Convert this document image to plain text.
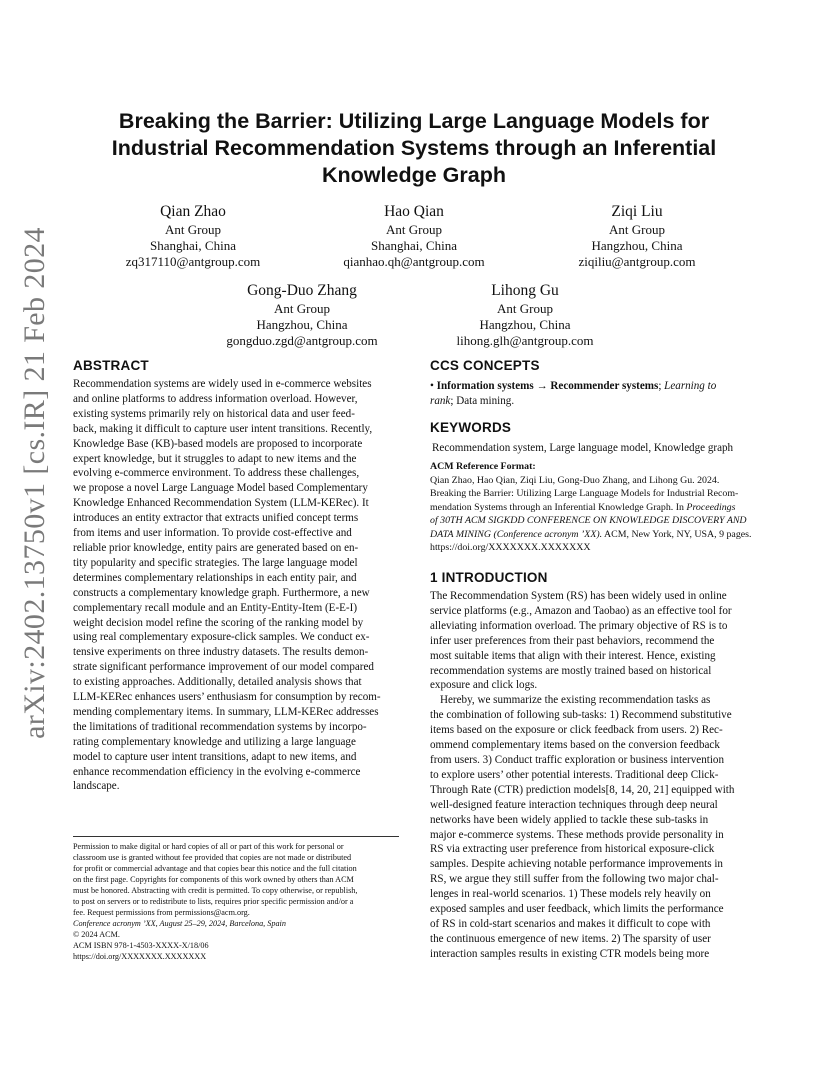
arXiv:2402.13750v1 [cs.IR] 21 Feb 2024
Breaking the Barrier: Utilizing Large Language Models for
Industrial Recommendation Systems through an Inferential
Knowledge Graph
Qian Zhao
Ant Group
Shanghai, China
zq317110@antgroup.com
Hao Qian
Ant Group
Shanghai, China
qianhao.qh@antgroup.com
Ziqi Liu
Ant Group
Hangzhou, China
ziqiliu@antgroup.com
Gong-Duo Zhang
Ant Group
Hangzhou, China
gongduo.zgd@antgroup.com
Lihong Gu
Ant Group
Hangzhou, China
lihong.glh@antgroup.com
ABSTRACT
Recommendation systems are widely used in e-commerce websites
and online platforms to address information overload. However,
existing systems primarily rely on historical data and user feed-
back, making it difficult to capture user intent transitions. Recently,
Knowledge Base (KB)-based models are proposed to incorporate
expert knowledge, but it struggles to adapt to new items and the
evolving e-commerce environment. To address these challenges,
we propose a novel Large Language Model based Complementary
Knowledge Enhanced Recommendation System (LLM-KERec). It
introduces an entity extractor that extracts unified concept terms
from items and user information. To provide cost-effective and
reliable prior knowledge, entity pairs are generated based on en-
tity popularity and specific strategies. The large language model
determines complementary relationships in each entity pair, and
constructs a complementary knowledge graph. Furthermore, a new
complementary recall module and an Entity-Entity-Item (E-E-I)
weight decision model refine the scoring of the ranking model by
using real complementary exposure-click samples. We conduct ex-
tensive experiments on three industry datasets. The results demon-
strate significant performance improvement of our model compared
to existing approaches. Additionally, detailed analysis shows that
LLM-KERec enhances users’ enthusiasm for consumption by recom-
mending complementary items. In summary, LLM-KERec addresses
the limitations of traditional recommendation systems by incorpo-
rating complementary knowledge and utilizing a large language
model to capture user intent transitions, adapt to new items, and
enhance recommendation efficiency in the evolving e-commerce
landscape.
Permission to make digital or hard copies of all or part of this work for personal or
classroom use is granted without fee provided that copies are not made or distributed
for profit or commercial advantage and that copies bear this notice and the full citation
on the first page. Copyrights for components of this work owned by others than ACM
must be honored. Abstracting with credit is permitted. To copy otherwise, or republish,
to post on servers or to redistribute to lists, requires prior specific permission and/or a
fee. Request permissions from permissions@acm.org.
Conference acronym ’XX, August 25–29, 2024, Barcelona, Spain
© 2024 ACM.
ACM ISBN 978-1-4503-XXXX-X/18/06
https://doi.org/XXXXXXX.XXXXXXX
CCS CONCEPTS
• Information systems → Recommender systems; Learning to
rank; Data mining.
KEYWORDS
Recommendation system, Large language model, Knowledge graph
ACM Reference Format:
Qian Zhao, Hao Qian, Ziqi Liu, Gong-Duo Zhang, and Lihong Gu. 2024.
Breaking the Barrier: Utilizing Large Language Models for Industrial Recom-
mendation Systems through an Inferential Knowledge Graph. In Proceedings
of 30TH ACM SIGKDD CONFERENCE ON KNOWLEDGE DISCOVERY AND
DATA MINING (Conference acronym ’XX). ACM, New York, NY, USA, 9 pages.
https://doi.org/XXXXXXX.XXXXXXX
1 INTRODUCTION
The Recommendation System (RS) has been widely used in online
service platforms (e.g., Amazon and Taobao) as an effective tool for
alleviating information overload. The primary objective of RS is to
infer user preferences from their past behaviors, recommend the
most suitable items that align with their interest. Hence, existing
recommendation systems are mostly trained based on historical
exposure and click logs.
Hereby, we summarize the existing recommendation tasks as
the combination of following sub-tasks: 1) Recommend substitutive
items based on the exposure or click feedback from users. 2) Rec-
ommend complementary items based on the conversion feedback
from users. 3) Conduct traffic exploration or business intervention
to explore users’ other potential interests. Traditional deep Click-
Through Rate (CTR) prediction models[8, 14, 20, 21] equipped with
well-designed feature interaction techniques through deep neural
networks have been widely applied to tackle these sub-tasks in
major e-commerce systems. These methods provide personality in
RS via extracting user preference from historical exposure-click
samples. Despite achieving notable performance improvements in
RS, we argue they still suffer from the following two major chal-
lenges in real-world scenarios. 1) These models rely heavily on
exposed samples and user feedback, which limits the performance
of RS in cold-start scenarios and makes it difficult to cope with
the continuous emergence of new items. 2) The sparsity of user
interaction samples results in existing CTR models being more
